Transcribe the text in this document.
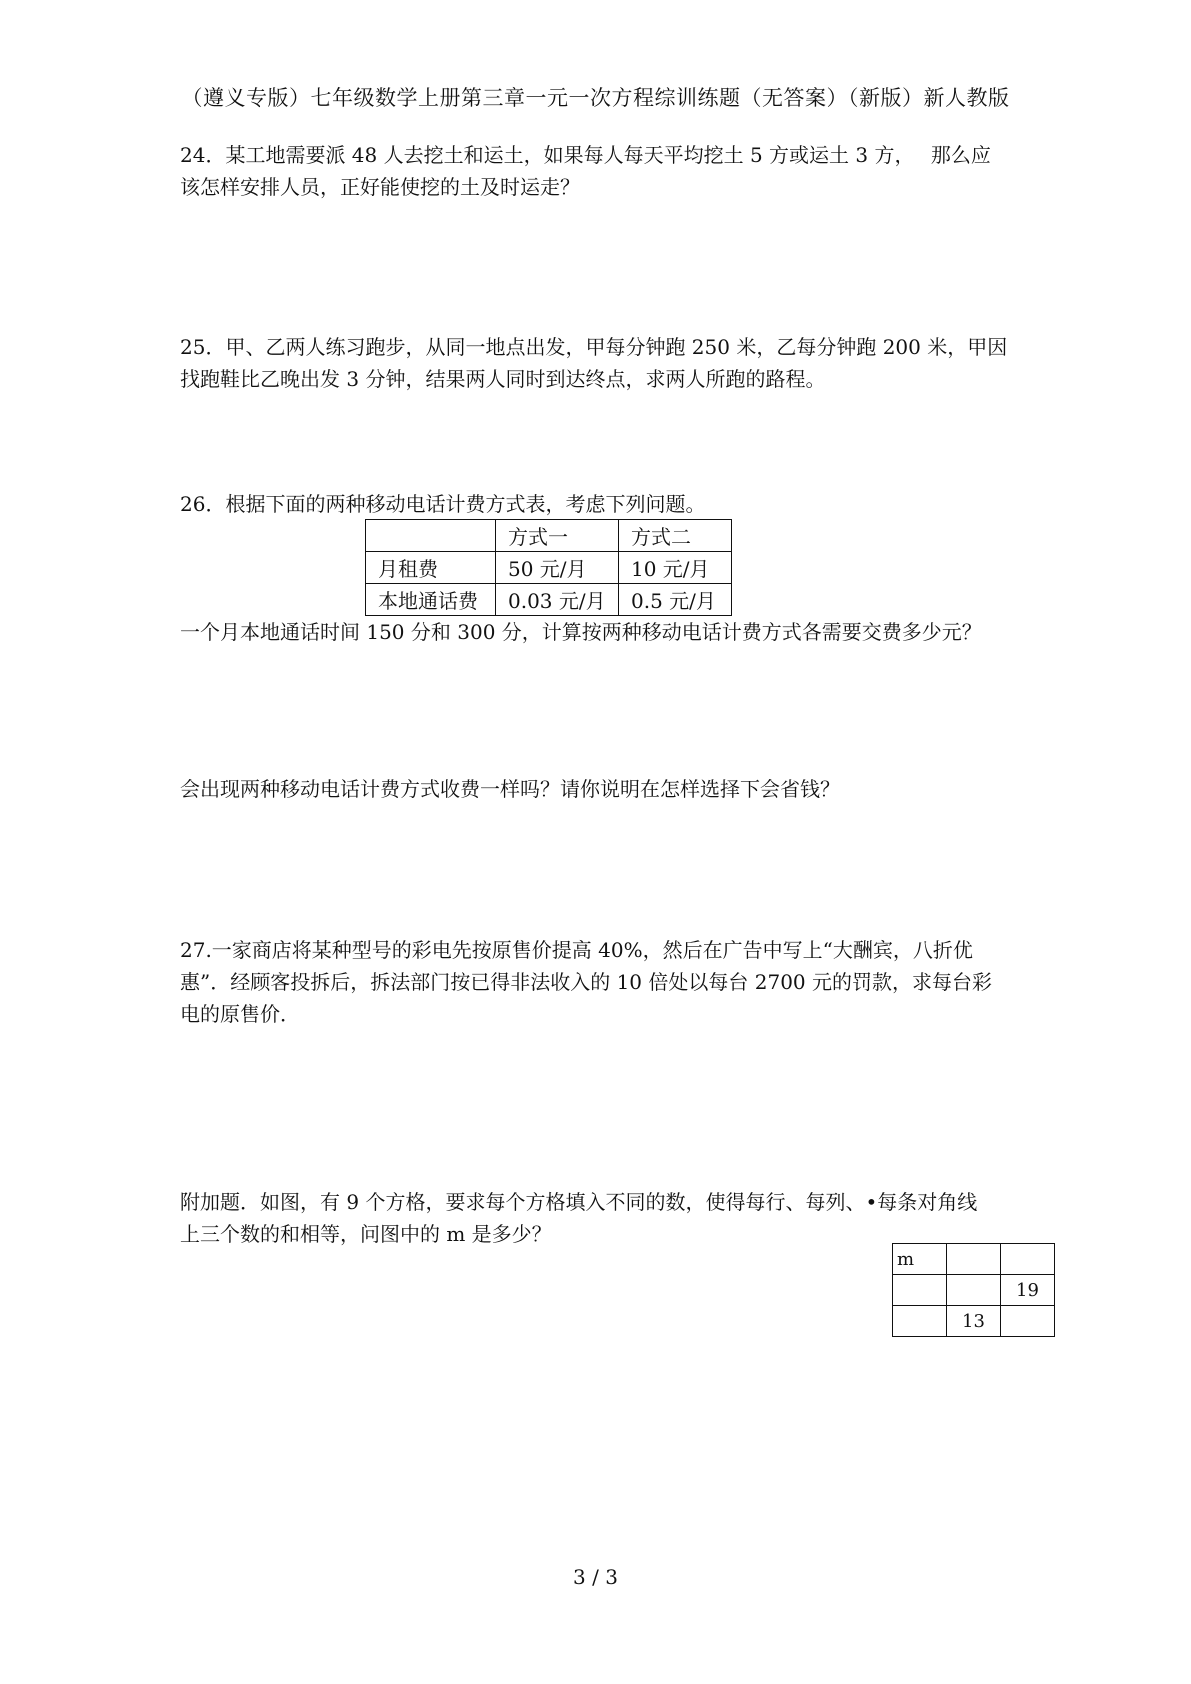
（遵义专版）七年级数学上册第三章一元一次方程综训练题（无答案）（新版）新人教版

24．某工地需要派 48 人去挖土和运土，如果每人每天平均挖土 5 方或运土 3 方，　 那么应
该怎样安排人员，正好能使挖的土及时运走？

25．甲、乙两人练习跑步，从同一地点出发，甲每分钟跑 250 米，乙每分钟跑 200 米，甲因
找跑鞋比乙晚出发 3 分钟，结果两人同时到达终点，求两人所跑的路程。

26．根据下面的两种移动电话计费方式表，考虑下列问题。

	方式一	方式二
月租费	50 元/月	10 元/月
本地通话费	0.03 元/月	0.5 元/月

一个月本地通话时间 150 分和 300 分，计算按两种移动电话计费方式各需要交费多少元？

会出现两种移动电话计费方式收费一样吗？请你说明在怎样选择下会省钱？

27.一家商店将某种型号的彩电先按原售价提高 40%，然后在广告中写上“大酬宾，八折优
惠”．经顾客投拆后，拆法部门按已得非法收入的 10 倍处以每台 2700 元的罚款，求每台彩
电的原售价．

附加题．如图，有 9 个方格，要求每个方格填入不同的数，使得每行、每列、•每条对角线
上三个数的和相等，问图中的 m 是多少？

m		
		19
	13	
3 / 3
